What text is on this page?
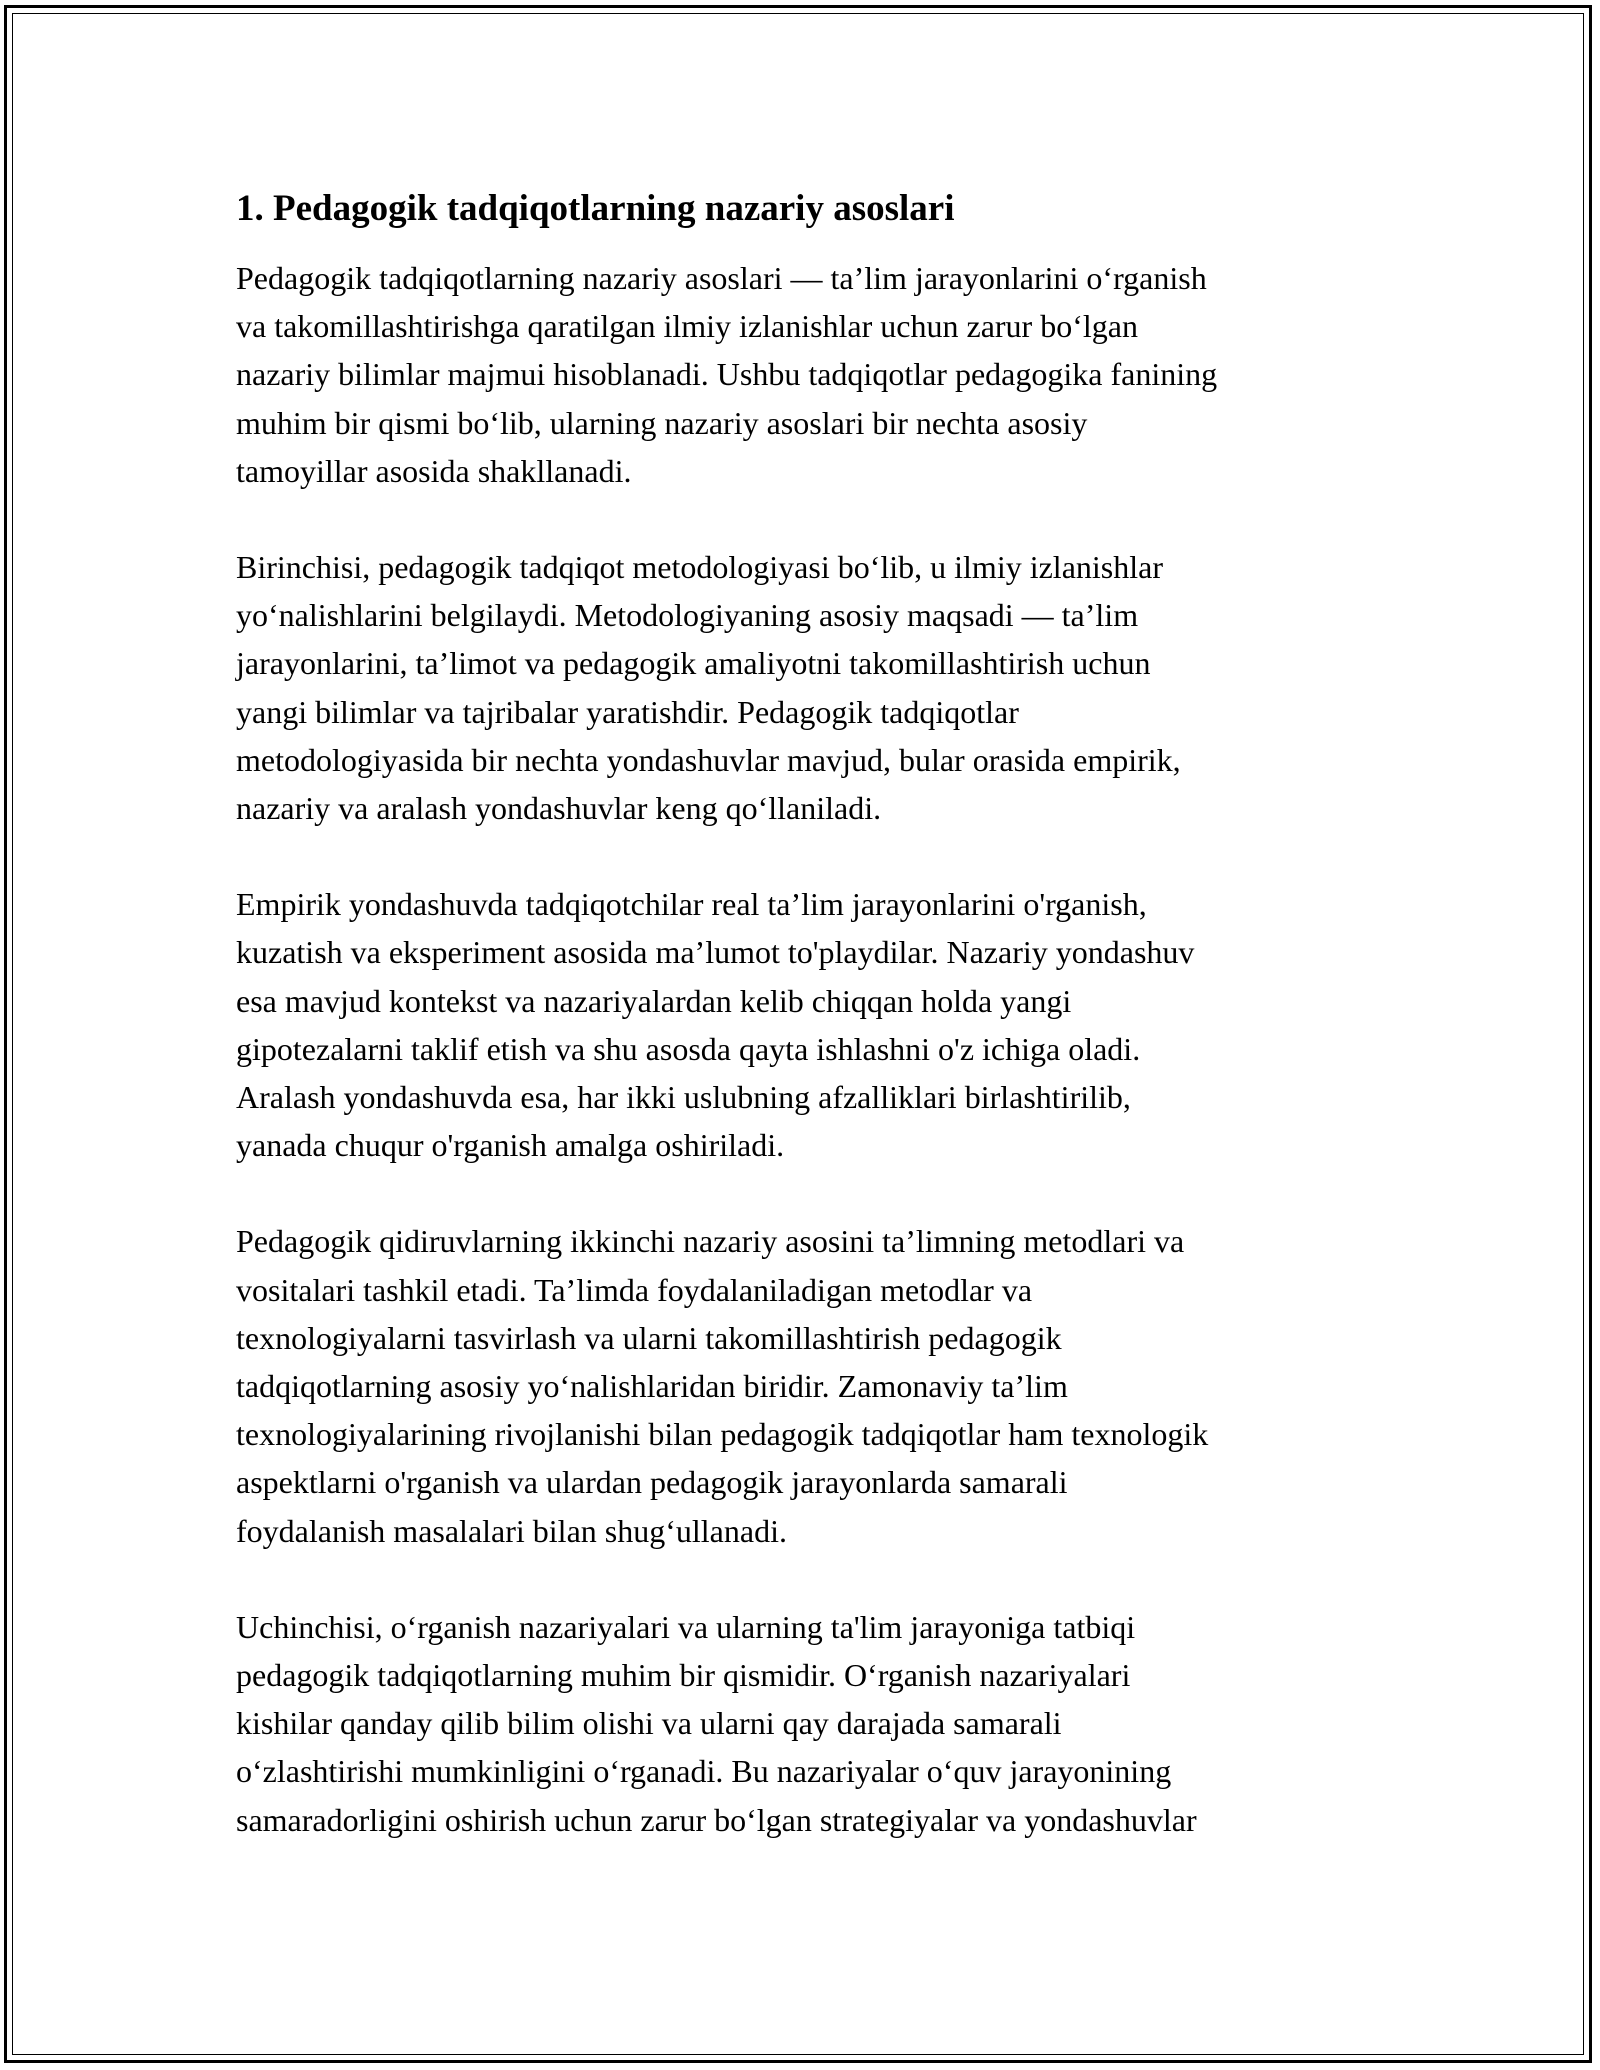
1. Pedagogik tadqiqotlarning nazariy asoslari

Pedagogik tadqiqotlarning nazariy asoslari — ta’lim jarayonlarini o‘rganish
va takomillashtirishga qaratilgan ilmiy izlanishlar uchun zarur bo‘lgan
nazariy bilimlar majmui hisoblanadi. Ushbu tadqiqotlar pedagogika fanining
muhim bir qismi bo‘lib, ularning nazariy asoslari bir nechta asosiy
tamoyillar asosida shakllanadi.

Birinchisi, pedagogik tadqiqot metodologiyasi bo‘lib, u ilmiy izlanishlar
yo‘nalishlarini belgilaydi. Metodologiyaning asosiy maqsadi — ta’lim
jarayonlarini, ta’limot va pedagogik amaliyotni takomillashtirish uchun
yangi bilimlar va tajribalar yaratishdir. Pedagogik tadqiqotlar
metodologiyasida bir nechta yondashuvlar mavjud, bular orasida empirik,
nazariy va aralash yondashuvlar keng qo‘llaniladi.

Empirik yondashuvda tadqiqotchilar real ta’lim jarayonlarini o'rganish,
kuzatish va eksperiment asosida ma’lumot to'playdilar. Nazariy yondashuv
esa mavjud kontekst va nazariyalardan kelib chiqqan holda yangi
gipotezalarni taklif etish va shu asosda qayta ishlashni o'z ichiga oladi.
Aralash yondashuvda esa, har ikki uslubning afzalliklari birlashtirilib,
yanada chuqur o'rganish amalga oshiriladi.

Pedagogik qidiruvlarning ikkinchi nazariy asosini ta’limning metodlari va
vositalari tashkil etadi. Ta’limda foydalaniladigan metodlar va
texnologiyalarni tasvirlash va ularni takomillashtirish pedagogik
tadqiqotlarning asosiy yo‘nalishlaridan biridir. Zamonaviy ta’lim
texnologiyalarining rivojlanishi bilan pedagogik tadqiqotlar ham texnologik
aspektlarni o'rganish va ulardan pedagogik jarayonlarda samarali
foydalanish masalalari bilan shug‘ullanadi.

Uchinchisi, o‘rganish nazariyalari va ularning ta'lim jarayoniga tatbiqi
pedagogik tadqiqotlarning muhim bir qismidir. O‘rganish nazariyalari
kishilar qanday qilib bilim olishi va ularni qay darajada samarali
o‘zlashtirishi mumkinligini o‘rganadi. Bu nazariyalar o‘quv jarayonining
samaradorligini oshirish uchun zarur bo‘lgan strategiyalar va yondashuvlar
